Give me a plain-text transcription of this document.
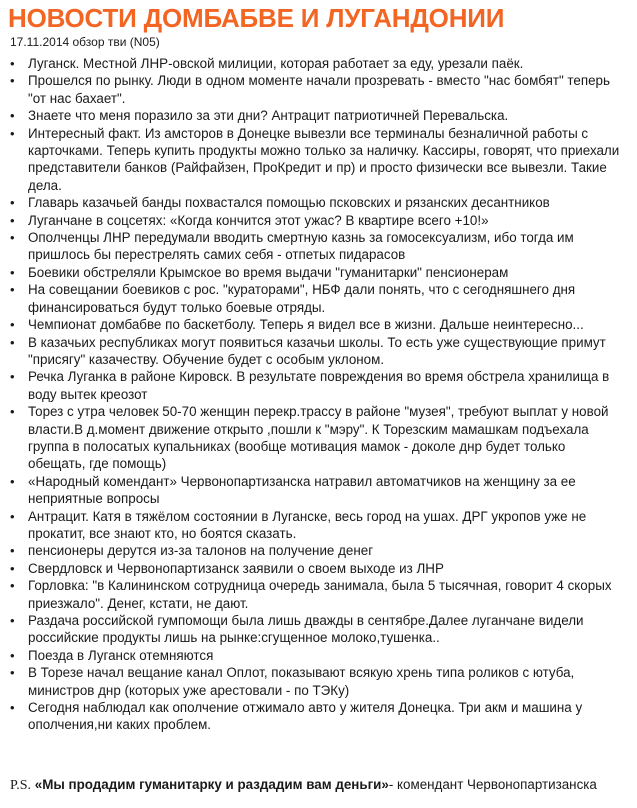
НОВОСТИ ДОМБАБВЕ И ЛУГАНДОНИИ
17.11.2014 обзор тви (N05)
• Луганск. Местной ЛНР-овской милиции, которая работает за еду, урезали паёк.
• Прошелся по рынку. Люди в одном моменте начали прозревать - вместо "нас бомбят" теперь "от нас бахает".
• Знаете что меня поразило за эти дни? Антрацит патриотичней Перевальска.
• Интересный факт. Из амсторов в Донецке вывезли все терминалы безналичной работы с карточками. Теперь купить продукты можно только за наличку. Кассиры, говорят, что приехали представители банков (Райфайзен, ПроКредит и пр) и просто физически все вывезли. Такие дела.
• Главарь казачьей банды похвастался помощью псковских и рязанских десантников
• Луганчане в соцсетях: «Когда кончится этот ужас? В квартире всего +10!»
• Ополченцы ЛНР передумали вводить смертную казнь за гомосексуализм, ибо тогда им пришлось бы перестрелять самих себя - отпетых пидарасов
• Боевики обстреляли Крымское во время выдачи "гуманитарки" пенсионерам
• На совещании боевиков с рос. "кураторами", НБФ дали понять, что с сегодняшнего дня финансироваться будут только боевые отряды.
• Чемпионат домбабве по баскетболу. Теперь я видел все в жизни. Дальше неинтересно...
• В казачьих республиках могут появиться казачьи школы. То есть уже существующие примут "присягу" казачеству. Обучение будет с особым уклоном.
• Речка Луганка в районе Кировск. В результате повреждения во время обстрела хранилища в воду вытек креозот
• Торез с утра человек 50-70 женщин перекр.трассу в районе "музея", требуют выплат у новой власти.В д.момент движение открыто ,пошли к "мэру". К Торезским мамашкам подъехала группа в полосатых купальниках (вообще мотивация мамок - доколе днр будет только обещать, где помощь)
• «Народный комендант» Червонопартизанска натравил автоматчиков на женщину за ее неприятные вопросы
• Антрацит. Катя в тяжёлом состоянии в Луганске, весь город на ушах. ДРГ укропов уже не прокатит, все знают кто, но боятся сказать.
• пенсионеры дерутся из-за талонов на получение денег
• Свердловск и Червонопартизанск заявили о своем выходе из ЛНР
• Горловка: "в Калининском сотрудница очередь занимала, была 5 тысячная, говорит 4 скорых приезжало". Денег, кстати, не дают.
• Раздача российской гумпомощи была лишь дважды в сентябре.Далее луганчане видели российские продукты лишь на рынке:сгущенное молоко,тушенка..
• Поезда в Луганск отемняются
• В Торезе начал вещание канал Оплот, показывают всякую хрень типа роликов с ютуба, министров днр (которых уже арестовали - по ТЭКу)
• Сегодня наблюдал как ополчение отжимало авто у жителя Донецка. Три акм и машина у ополчения,ни каких проблем.
P.S. «Мы продадим гуманитарку и раздадим вам деньги»- комендант Червонопартизанска
